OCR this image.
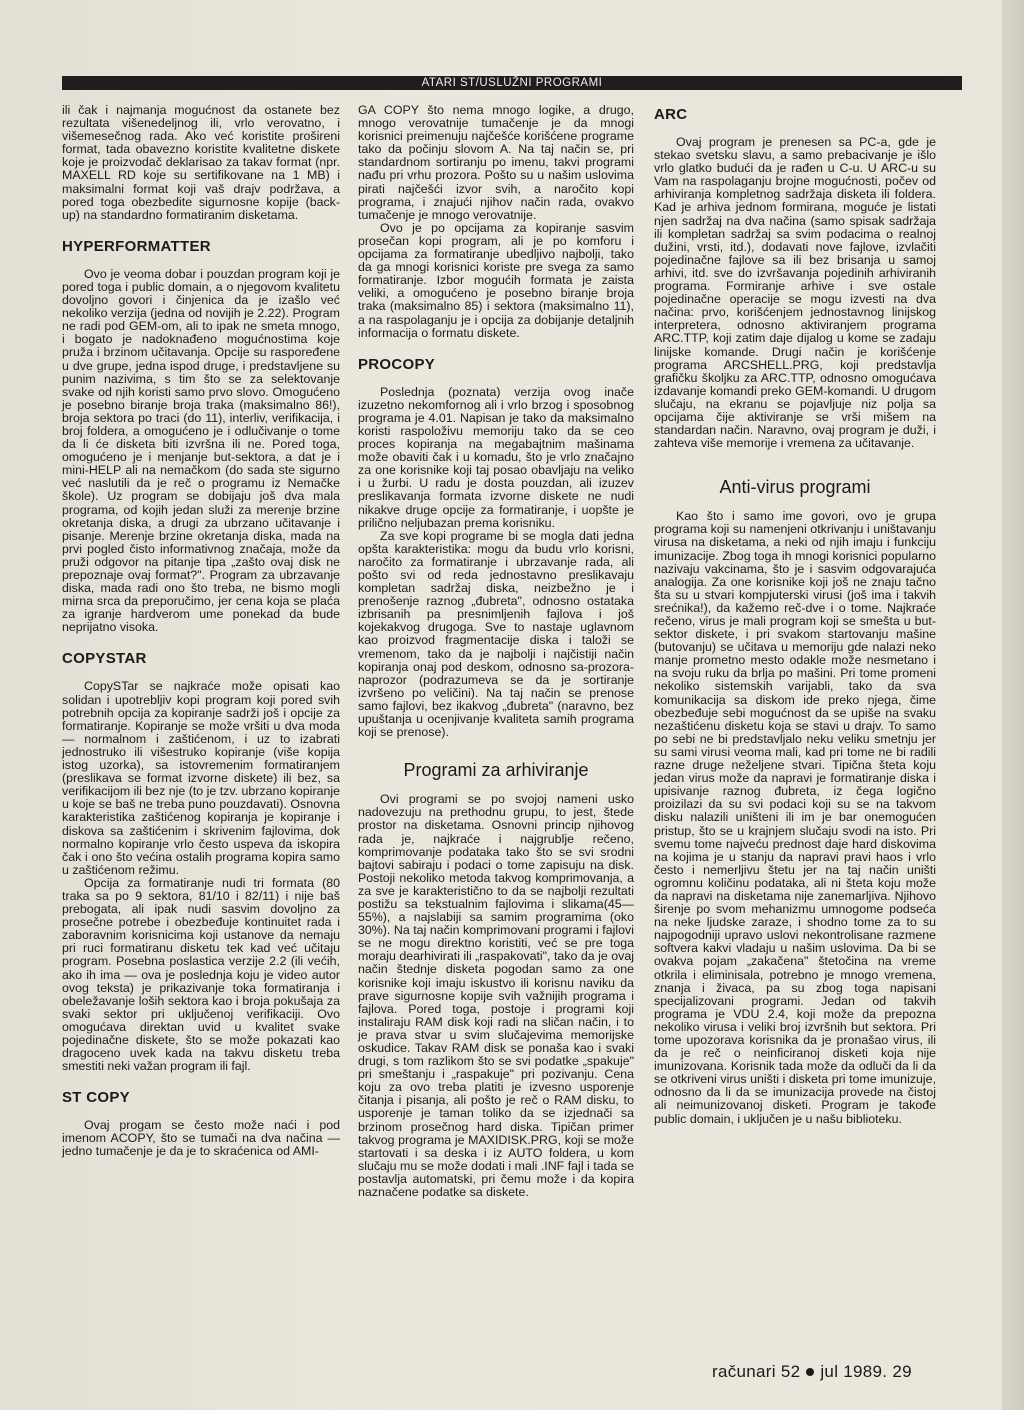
ATARI ST/USLUŽNI PROGRAMI

ili čak i najmanja mogućnost da ostanete bez rezultata višenedeljnog ili, vrlo verovatno, i višemesečnog rada. Ako već koristite prošireni format, tada obavezno koristite kvalitetne diskete koje je proizvodač deklarisao za takav format (npr. MAXELL RD koje su sertifikovane na 1 MB) i maksimalni format koji vaš drajv podržava, a pored toga obezbedite sigurnosne kopije (back-up) na standardno formatiranim disketama.

HYPERFORMATTER

Ovo je veoma dobar i pouzdan program koji je pored toga i public domain, a o njegovom kvalitetu dovoljno govori i činjenica da je izašlo već nekoliko verzija (jedna od novijih je 2.22). Program ne radi pod GEM-om, ali to ipak ne smeta mnogo, i bogato je nadoknađeno mogućnostima koje pruža i brzinom učitavanja. Opcije su raspoređene u dve grupe, jedna ispod druge, i predstavljene su punim nazivima, s tim što se za selektovanje svake od njih koristi samo prvo slovo. Omogućeno je posebno biranje broja traka (maksimalno 86!), broja sektora po traci (do 11), interliv, verifikacija, i broj foldera, a omogućeno je i odlučivanje o tome da li će disketa biti izvršna ili ne. Pored toga, omogućeno je i menjanje but-sektora, a dat je i mini-HELP ali na nemačkom (do sada ste sigurno već naslutili da je reč o programu iz Nemačke škole). Uz program se dobijaju još dva mala programa, od kojih jedan služi za merenje brzine okretanja diska, a drugi za ubrzano učitavanje i pisanje. Merenje brzine okretanja diska, mada na prvi pogled čisto informativnog značaja, može da pruži odgovor na pitanje tipa „zašto ovaj disk ne prepoznaje ovaj format?". Program za ubrzavanje diska, mada radi ono što treba, ne bismo mogli mirna srca da preporučimo, jer cena koja se plaća za igranje hardverom ume ponekad da bude neprijatno visoka.

COPYSTAR

CopySTar se najkraće može opisati kao solidan i upotrebljiv kopi program koji pored svih potrebnih opcija za kopiranje sadrži još i opcije za formatiranje. Kopiranje se može vršiti u dva moda — normalnom i zaštićenom, i uz to izabrati jednostruko ili višestruko kopiranje (više kopija istog uzorka), sa istovremenim formatiranjem (preslikava se format izvorne diskete) ili bez, sa verifikacijom ili bez nje (to je tzv. ubrzano kopiranje u koje se baš ne treba puno pouzdavati). Osnovna karakteristika zaštićenog kopiranja je kopiranje i diskova sa zaštićenim i skrivenim fajlovima, dok normalno kopiranje vrlo često uspeva da iskopira čak i ono što većina ostalih programa kopira samo u zaštićenom režimu.

Opcija za formatiranje nudi tri formata (80 traka sa po 9 sektora, 81/10 i 82/11) i nije baš prebogata, ali ipak nudi sasvim dovoljno za prosečne potrebe i obezbeđuje kontinuitet rada i zaboravnim korisnicima koji ustanove da nemaju pri ruci formatiranu disketu tek kad već učitaju program. Posebna poslastica verzije 2.2 (ili većih, ako ih ima — ova je poslednja koju je video autor ovog teksta) je prikazivanje toka formatiranja i obeležavanje loših sektora kao i broja pokušaja za svaki sektor pri uključenoj verifikaciji. Ovo omogućava direktan uvid u kvalitet svake pojedinačne diskete, što se može pokazati kao dragoceno uvek kada na takvu disketu treba smestiti neki važan program ili fajl.

ST COPY

Ovaj progam se često može naći i pod imenom ACOPY, što se tumači na dva načina — jedno tumačenje je da je to skraćenica od AMI-

GA COPY što nema mnogo logike, a drugo, mnogo verovatnije tumačenje je da mnogi korisnici preimenuju najčešće korišćene programe tako da počinju slovom A. Na taj način se, pri standardnom sortiranju po imenu, takvi programi nađu pri vrhu prozora. Pošto su u našim uslovima pirati najčešći izvor svih, a naročito kopi programa, i znajući njihov način rada, ovakvo tumačenje je mnogo verovatnije.

Ovo je po opcijama za kopiranje sasvim prosečan kopi program, ali je po komforu i opcijama za formatiranje ubedljivo najbolji, tako da ga mnogi korisnici koriste pre svega za samo formatiranje. Izbor mogućih formata je zaista veliki, a omogućeno je posebno biranje broja traka (maksimalno 85) i sektora (maksimalno 11), a na raspolaganju je i opcija za dobijanje detaljnih informacija o formatu diskete.

PROCOPY

Poslednja (poznata) verzija ovog inače izuzetno nekomfornog ali i vrlo brzog i sposobnog programa je 4.01. Napisan je tako da maksimalno koristi raspoloživu memoriju tako da se ceo proces kopiranja na megabajtnim mašinama može obaviti čak i u komadu, što je vrlo značajno za one korisnike koji taj posao obavljaju na veliko i u žurbi. U radu je dosta pouzdan, ali izuzev preslikavanja formata izvorne diskete ne nudi nikakve druge opcije za formatiranje, i uopšte je prilično neljubazan prema korisniku.

Za sve kopi programe bi se mogla dati jedna opšta karakteristika: mogu da budu vrlo korisni, naročito za formatiranje i ubrzavanje rada, ali pošto svi od reda jednostavno preslikavaju kompletan sadržaj diska, neizbežno je i prenošenje raznog „đubreta", odnosno ostataka izbrisanih pa presnimljenih fajlova i još kojekakvog drugoga. Sve to nastaje uglavnom kao proizvod fragmentacije diska i taloži se vremenom, tako da je najbolji i najčistiji način kopiranja onaj pod deskom, odnosno sa-prozora-naprozor (podrazumeva se da je sortiranje izvršeno po veličini). Na taj način se prenose samo fajlovi, bez ikakvog „đubreta" (naravno, bez upuštanja u ocenjivanje kvaliteta samih programa koji se prenose).

Programi za arhiviranje

Ovi programi se po svojoj nameni usko nadovezuju na prethodnu grupu, to jest, štede prostor na disketama. Osnovni princip njihovog rada je, najkraće i najgrublje rečeno, komprimovanje podataka tako što se svi srodni bajtovi sabiraju i podaci o tome zapisuju na disk. Postoji nekoliko metoda takvog komprimovanja, a za sve je karakteristično to da se najbolji rezultati postižu sa tekstualnim fajlovima i slikama(45—55%), a najslabiji sa samim programima (oko 30%). Na taj način komprimovani programi i fajlovi se ne mogu direktno koristiti, već se pre toga moraju dearhivirati ili „raspakovati", tako da je ovaj način štednje disketa pogodan samo za one korisnike koji imaju iskustvo ili korisnu naviku da prave sigurnosne kopije svih važnijih programa i fajlova. Pored toga, postoje i programi koji instaliraju RAM disk koji radi na sličan način, i to je prava stvar u svim slučajevima memorijske oskudice. Takav RAM disk se ponaša kao i svaki drugi, s tom razlikom što se svi podatke „spakuje" pri smeštanju i „raspakuje" pri pozivanju. Cena koju za ovo treba platiti je izvesno usporenje čitanja i pisanja, ali pošto je reč o RAM disku, to usporenje je taman toliko da se izjednači sa brzinom prosečnog hard diska. Tipičan primer takvog programa je MAXIDISK.PRG, koji se može startovati i sa deska i iz AUTO foldera, u kom slučaju mu se može dodati i mali .INF fajl i tada se postavlja automatski, pri čemu može i da kopira naznačene podatke sa diskete.

ARC

Ovaj program je prenesen sa PC-a, gde je stekao svetsku slavu, a samo prebacivanje je išlo vrlo glatko budući da je rađen u C-u. U ARC-u su Vam na raspolaganju brojne mogućnosti, počev od arhiviranja kompletnog sadržaja disketa ili foldera. Kad je arhiva jednom formirana, moguće je listati njen sadržaj na dva načina (samo spisak sadržaja ili kompletan sadržaj sa svim podacima o realnoj dužini, vrsti, itd.), dodavati nove fajlove, izvlačiti pojedinačne fajlove sa ili bez brisanja u samoj arhivi, itd. sve do izvršavanja pojedinih arhiviranih programa. Formiranje arhive i sve ostale pojedinačne operacije se mogu izvesti na dva načina: prvo, korišćenjem jednostavnog linijskog interpretera, odnosno aktiviranjem programa ARC.TTP, koji zatim daje dijalog u kome se zadaju linijske komande. Drugi način je korišćenje programa ARCSHELL.PRG, koji predstavlja grafičku školjku za ARC.TTP, odnosno omogućava izdavanje komandi preko GEM-komandi. U drugom slučaju, na ekranu se pojavljuje niz polja sa opcijama čije aktiviranje se vrši mišem na standardan način. Naravno, ovaj program je duži, i zahteva više memorije i vremena za učitavanje.

Anti-virus programi

Kao što i samo ime govori, ovo je grupa programa koji su namenjeni otkrivanju i uništavanju virusa na disketama, a neki od njih imaju i funkciju imunizacije. Zbog toga ih mnogi korisnici popularno nazivaju vakcinama, što je i sasvim odgovarajuća analogija. Za one korisnike koji još ne znaju tačno šta su u stvari kompjuterski virusi (još ima i takvih srećnika!), da kažemo reč-dve i o tome. Najkraće rečeno, virus je mali program koji se smešta u but-sektor diskete, i pri svakom startovanju mašine (butovanju) se učitava u memoriju gde nalazi neko manje prometno mesto odakle može nesmetano i na svoju ruku da brlja po mašini. Pri tome promeni nekoliko sistemskih varijabli, tako da sva komunikacija sa diskom ide preko njega, čime obezbeđuje sebi mogućnost da se upiše na svaku nezaštićenu disketu koja se stavi u drajv. To samo po sebi ne bi predstavljalo neku veliku smetnju jer su sami virusi veoma mali, kad pri tome ne bi radili razne druge neželjene stvari. Tipična šteta koju jedan virus može da napravi je formatiranje diska i upisivanje raznog đubreta, iz čega logično proizilazi da su svi podaci koji su se na takvom disku nalazili uništeni ili im je bar onemogućen pristup, što se u krajnjem slučaju svodi na isto. Pri svemu tome najveću prednost daje hard diskovima na kojima je u stanju da napravi pravi haos i vrlo često i nemerljivu štetu jer na taj način uništi ogromnu količinu podataka, ali ni šteta koju može da napravi na disketama nije zanemarljiva. Njihovo širenje po svom mehanizmu umnogome podseća na neke ljudske zaraze, i shodno tome za to su najpogodniji upravo uslovi nekontrolisane razmene softvera kakvi vladaju u našim uslovima. Da bi se ovakva pojam „zakačena" štetočina na vreme otkrila i eliminisala, potrebno je mnogo vremena, znanja i živaca, pa su zbog toga napisani specijalizovani programi. Jedan od takvih programa je VDU 2.4, koji može da prepozna nekoliko virusa i veliki broj izvršnih but sektora. Pri tome upozorava korisnika da je pronašao virus, ili da je reč o neinficiranoj disketi koja nije imunizovana. Korisnik tada može da odluči da li da se otkriveni virus uništi i disketa pri tome imunizuje, odnosno da li da se imunizacija provede na čistoj ali neimunizovanoj disketi. Program je takođe public domain, i uključen je u našu biblioteku.

računari 52 jul 1989. 29
